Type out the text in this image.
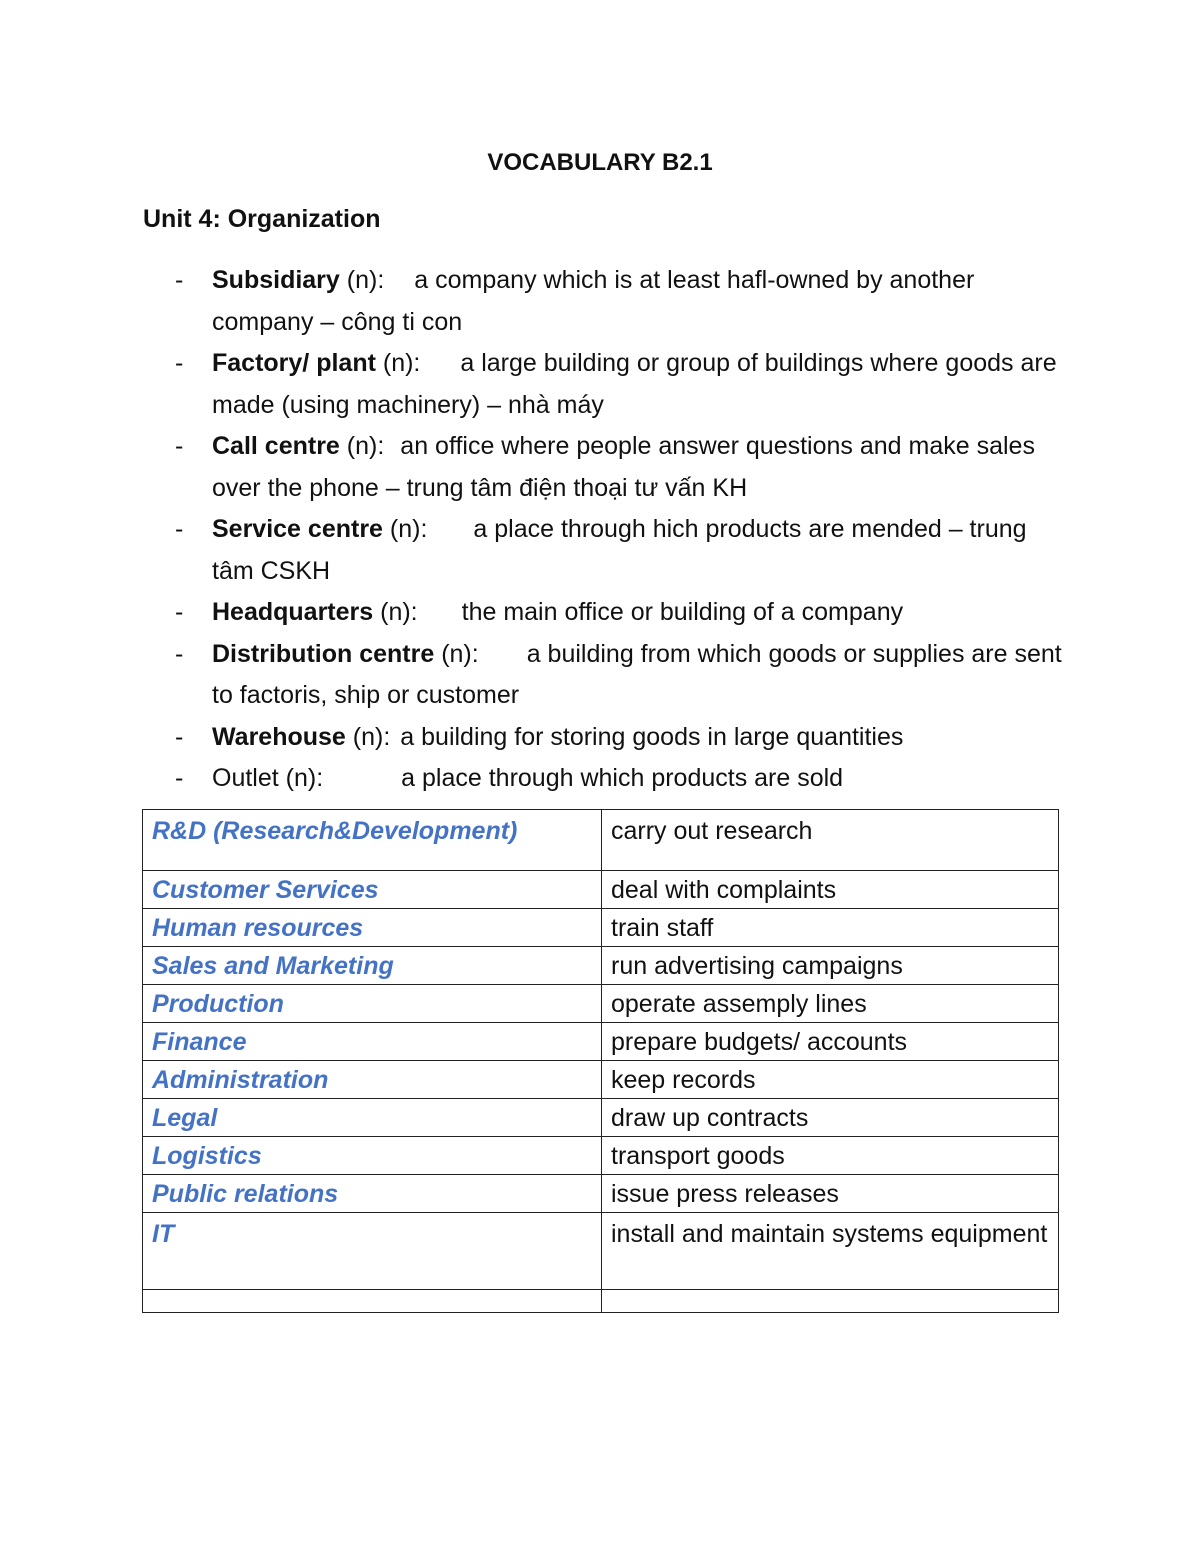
VOCABULARY B2.1
Unit 4: Organization
- Subsidiary (n): a company which is at least hafl-owned by another company – công ti con
- Factory/ plant (n): a large building or group of buildings where goods are made (using machinery) – nhà máy
- Call centre (n): an office where people answer questions and make sales over the phone – trung tâm điện thoại tư vấn KH
- Service centre (n): a place through hich products are mended – trung tâm CSKH
- Headquarters (n): the main office or building of a company
- Distribution centre (n): a building from which goods or supplies are sent to factoris, ship or customer
- Warehouse (n): a building for storing goods in large quantities
- Outlet (n):	a place through which products are sold
R&D (Research&Development)	carry out research
Customer Services	deal with complaints
Human resources	train staff
Sales and Marketing	run advertising campaigns
Production	operate assemply lines
Finance	prepare budgets/ accounts
Administration	keep records
Legal	draw up contracts
Logistics	transport goods
Public relations	issue press releases
IT	install and maintain systems equipment
